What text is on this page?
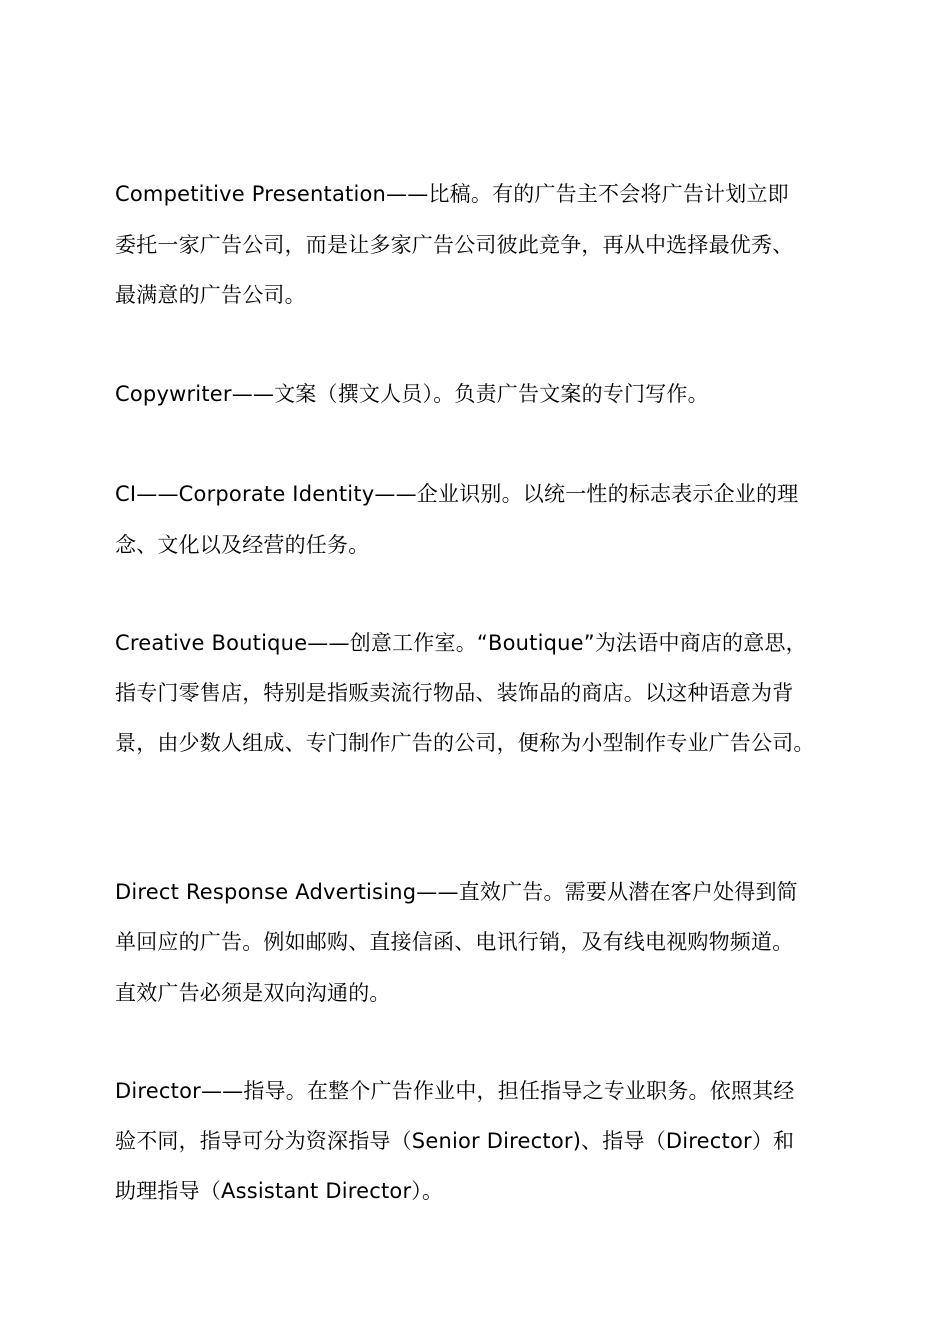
Competitive Presentation——比稿。有的广告主不会将广告计划立即
委托一家广告公司，而是让多家广告公司彼此竞争，再从中选择最优秀、
最满意的广告公司。
Copywriter——文案（撰文人员）。负责广告文案的专门写作。
CI——Corporate Identity——企业识别。以统一性的标志表示企业的理
念、文化以及经营的任务。
Creative Boutique——创意工作室。“Boutique”为法语中商店的意思，
指专门零售店，特别是指贩卖流行物品、装饰品的商店。以这种语意为背
景，由少数人组成、专门制作广告的公司，便称为小型制作专业广告公司。
Direct Response Advertising——直效广告。需要从潜在客户处得到简
单回应的广告。例如邮购、直接信函、电讯行销，及有线电视购物频道。
直效广告必须是双向沟通的。
Director——指导。在整个广告作业中，担任指导之专业职务。依照其经
验不同，指导可分为资深指导（Senior Director)、指导（Director）和
助理指导（Assistant Director）。
